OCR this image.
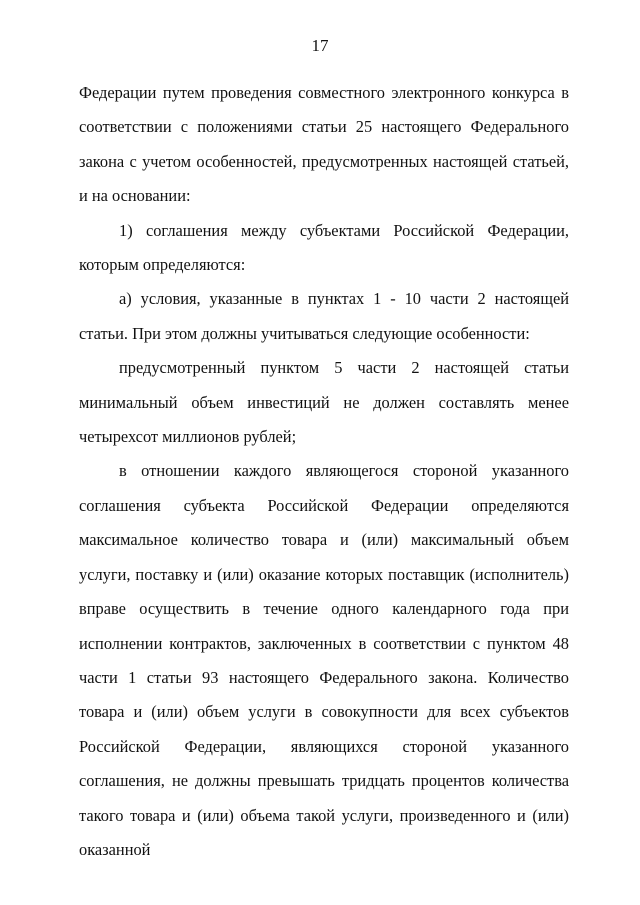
17

Федерации путем проведения совместного электронного конкурса в соответствии с положениями статьи 25 настоящего Федерального закона с учетом особенностей, предусмотренных настоящей статьей, и на основании:

1) соглашения между субъектами Российской Федерации, которым определяются:

а) условия, указанные в пунктах 1 - 10 части 2 настоящей статьи. При этом должны учитываться следующие особенности:

предусмотренный пунктом 5 части 2 настоящей статьи минимальный объем инвестиций не должен составлять менее четырехсот миллионов рублей;

в отношении каждого являющегося стороной указанного соглашения субъекта Российской Федерации определяются максимальное количество товара и (или) максимальный объем услуги, поставку и (или) оказание которых поставщик (исполнитель) вправе осуществить в течение одного календарного года при исполнении контрактов, заключенных в соответствии с пунктом 48 части 1 статьи 93 настоящего Федерального закона. Количество товара и (или) объем услуги в совокупности для всех субъектов Российской Федерации, являющихся стороной указанного соглашения, не должны превышать тридцать процентов количества такого товара и (или) объема такой услуги, произведенного и (или) оказанной
